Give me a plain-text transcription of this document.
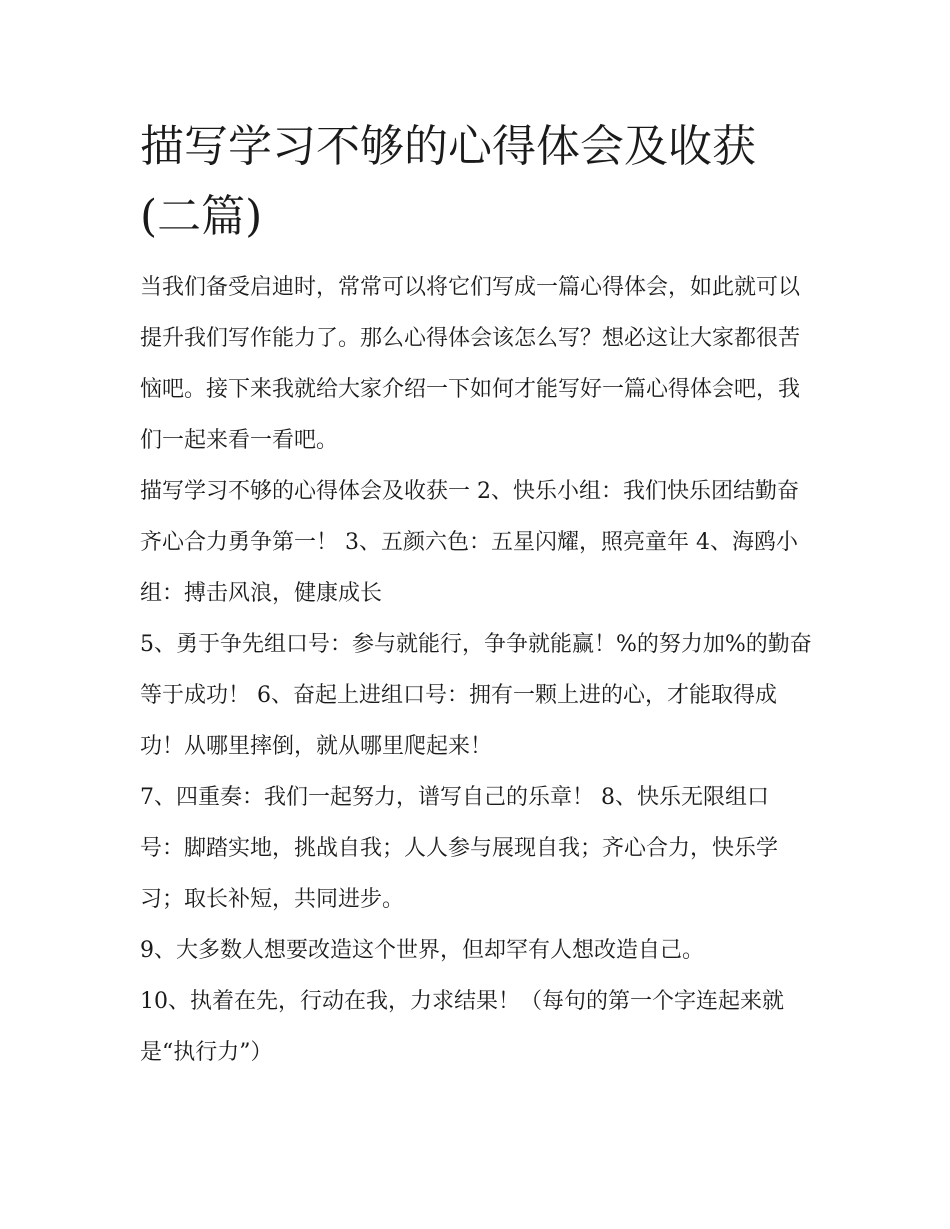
描写学习不够的心得体会及收获(二篇)

当我们备受启迪时，常常可以将它们写成一篇心得体会，如此就可以提升我们写作能力了。那么心得体会该怎么写？想必这让大家都很苦恼吧。接下来我就给大家介绍一下如何才能写好一篇心得体会吧，我们一起来看一看吧。

描写学习不够的心得体会及收获一 2、快乐小组：我们快乐团结勤奋齐心合力勇争第一！ 3、五颜六色：五星闪耀，照亮童年 4、海鸥小组：搏击风浪，健康成长

5、勇于争先组口号：参与就能行，争争就能赢！%的努力加%的勤奋等于成功！ 6、奋起上进组口号：拥有一颗上进的心，才能取得成功！从哪里摔倒，就从哪里爬起来！

7、四重奏：我们一起努力，谱写自己的乐章！ 8、快乐无限组口号：脚踏实地，挑战自我；人人参与展现自我；齐心合力，快乐学习；取长补短，共同进步。

9、大多数人想要改造这个世界，但却罕有人想改造自己。

10、执着在先，行动在我，力求结果！（每句的第一个字连起来就是“执行力”）
